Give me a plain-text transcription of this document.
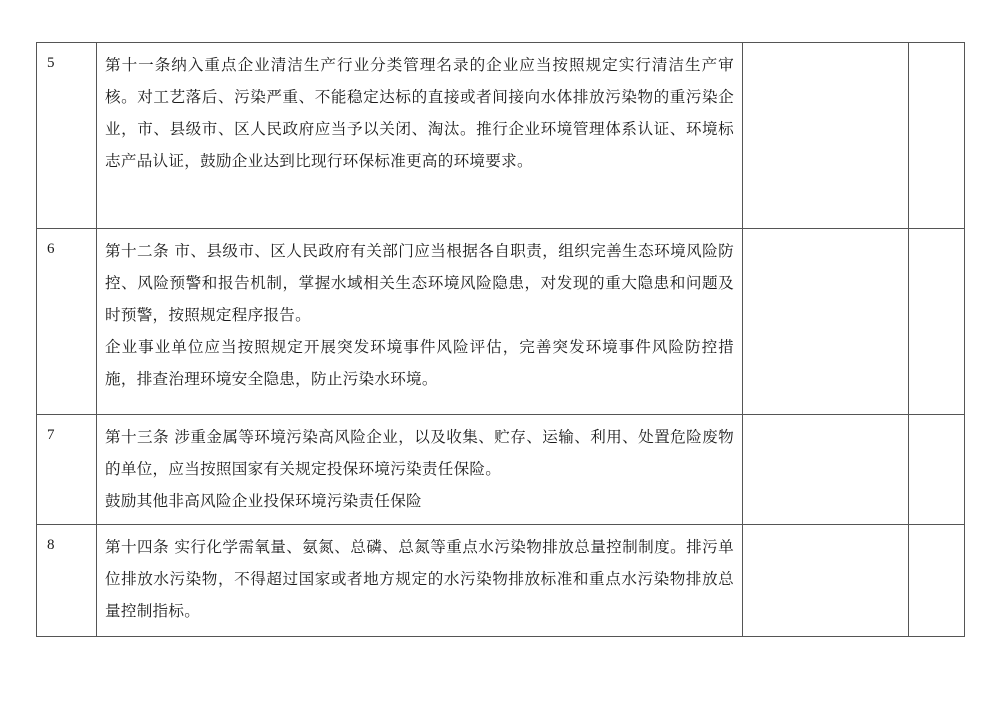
5	第十一条纳入重点企业清洁生产行业分类管理名录的企业应当按照规定实行清洁生产审核。对工艺落后、污染严重、不能稳定达标的直接或者间接向水体排放污染物的重污染企业，市、县级市、区人民政府应当予以关闭、淘汰。推行企业环境管理体系认证、环境标志产品认证，鼓励企业达到比现行环保标准更高的环境要求。		

6	第十二条 市、县级市、区人民政府有关部门应当根据各自职责，组织完善生态环境风险防控、风险预警和报告机制，掌握水域相关生态环境风险隐患，对发现的重大隐患和问题及时预警，按照规定程序报告。

企业事业单位应当按照规定开展突发环境事件风险评估，完善突发环境事件风险防控措施，排查治理环境安全隐患，防止污染水环境。		

7	第十三条 涉重金属等环境污染高风险企业，以及收集、贮存、运输、利用、处置危险废物的单位，应当按照国家有关规定投保环境污染责任保险。

鼓励其他非高风险企业投保环境污染责任保险		

8	第十四条 实行化学需氧量、氨氮、总磷、总氮等重点水污染物排放总量控制制度。排污单位排放水污染物，不得超过国家或者地方规定的水污染物排放标准和重点水污染物排放总量控制指标。		
